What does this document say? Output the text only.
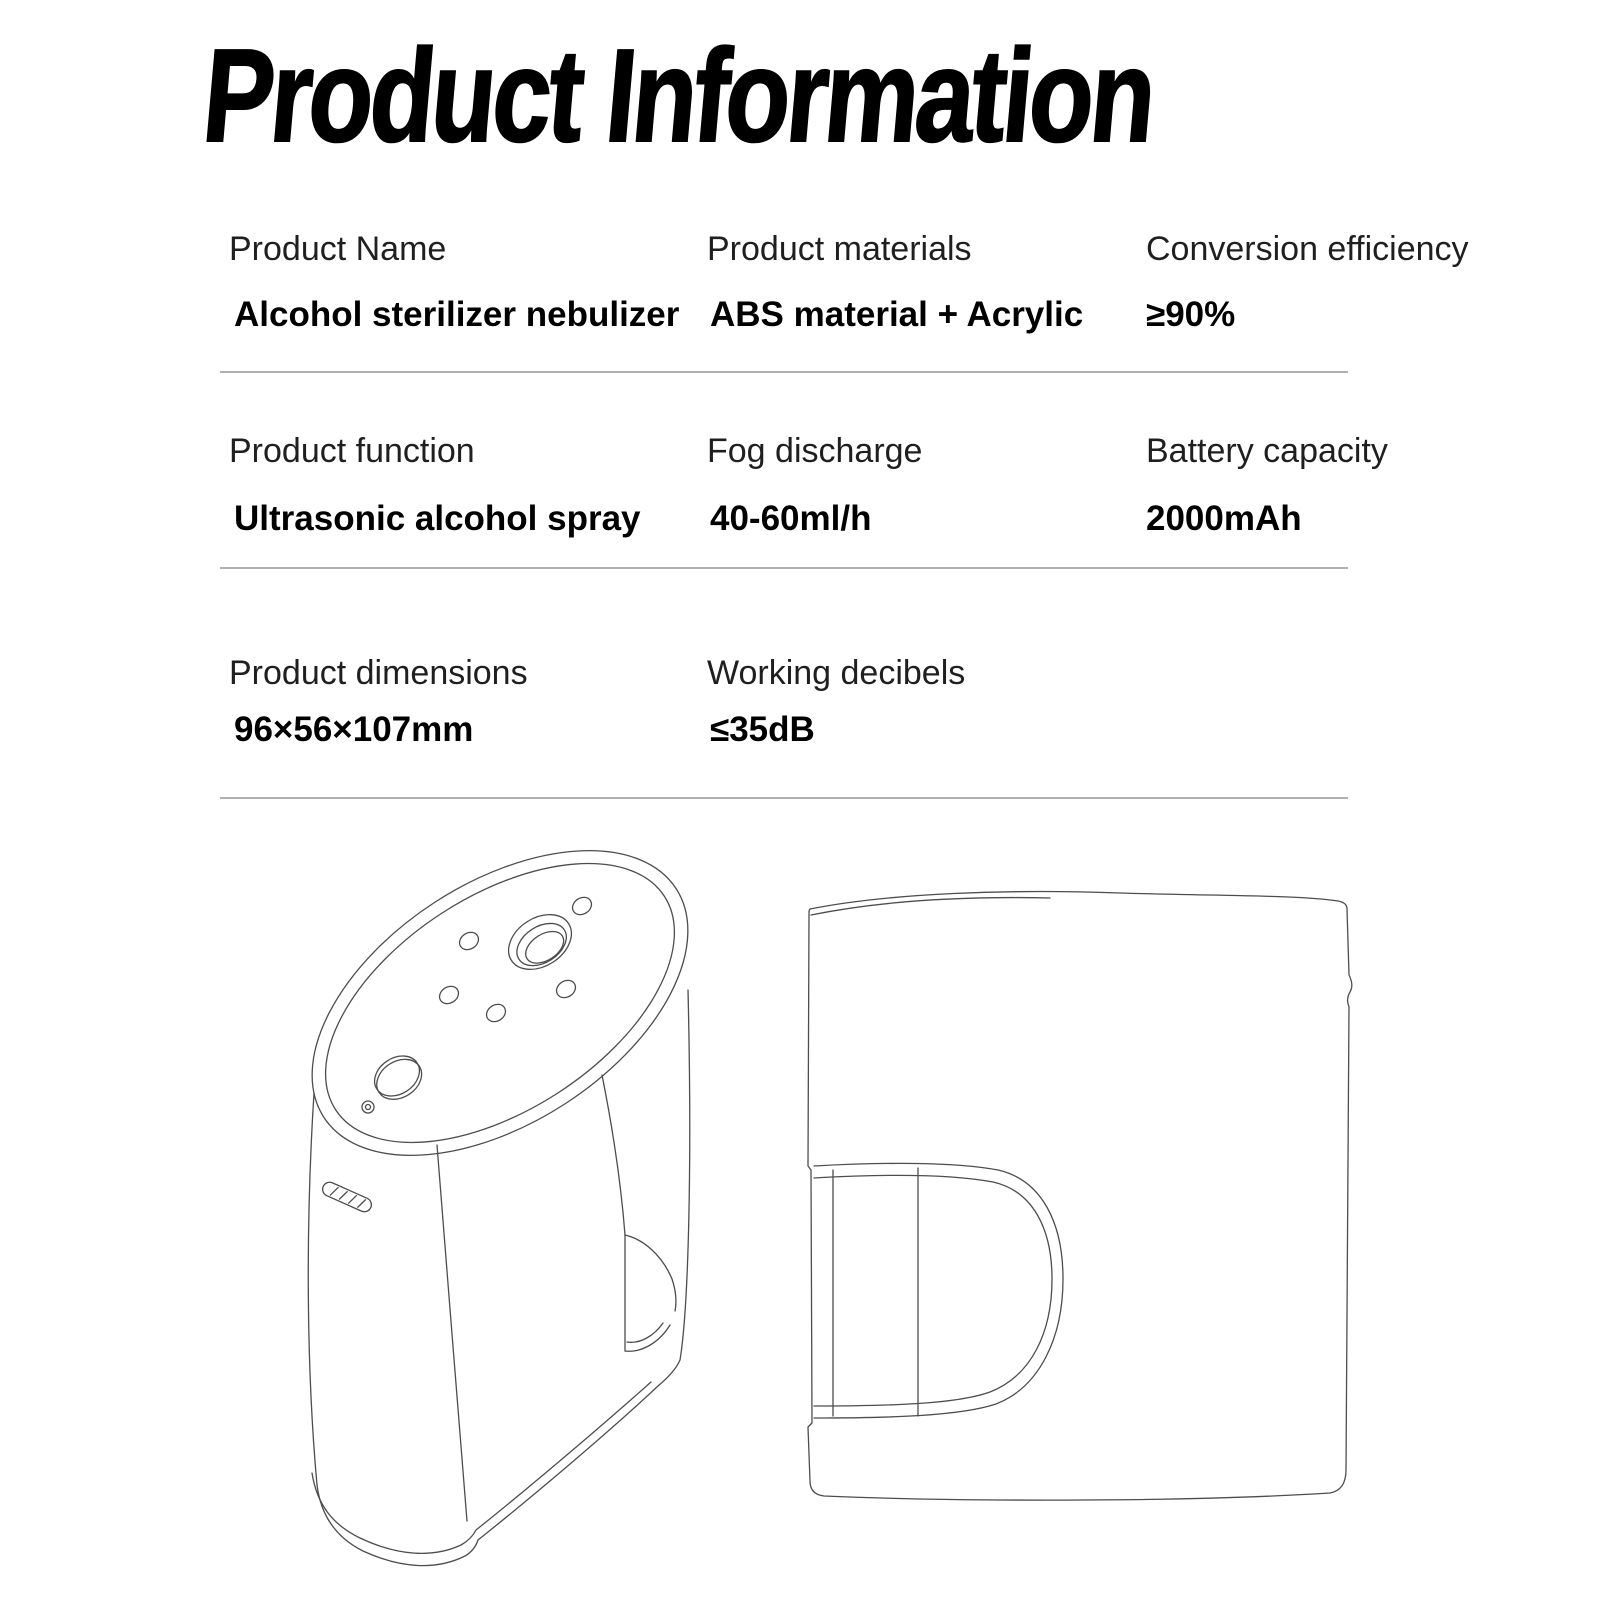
Product Information
Product Name
Alcohol sterilizer nebulizer
Product materials
ABS material + Acrylic
Conversion efficiency
≥90%
Product function
Ultrasonic alcohol spray
Fog discharge
40-60ml/h
Battery capacity
2000mAh
Product dimensions
96×56×107mm
Working decibels
≤35dB
